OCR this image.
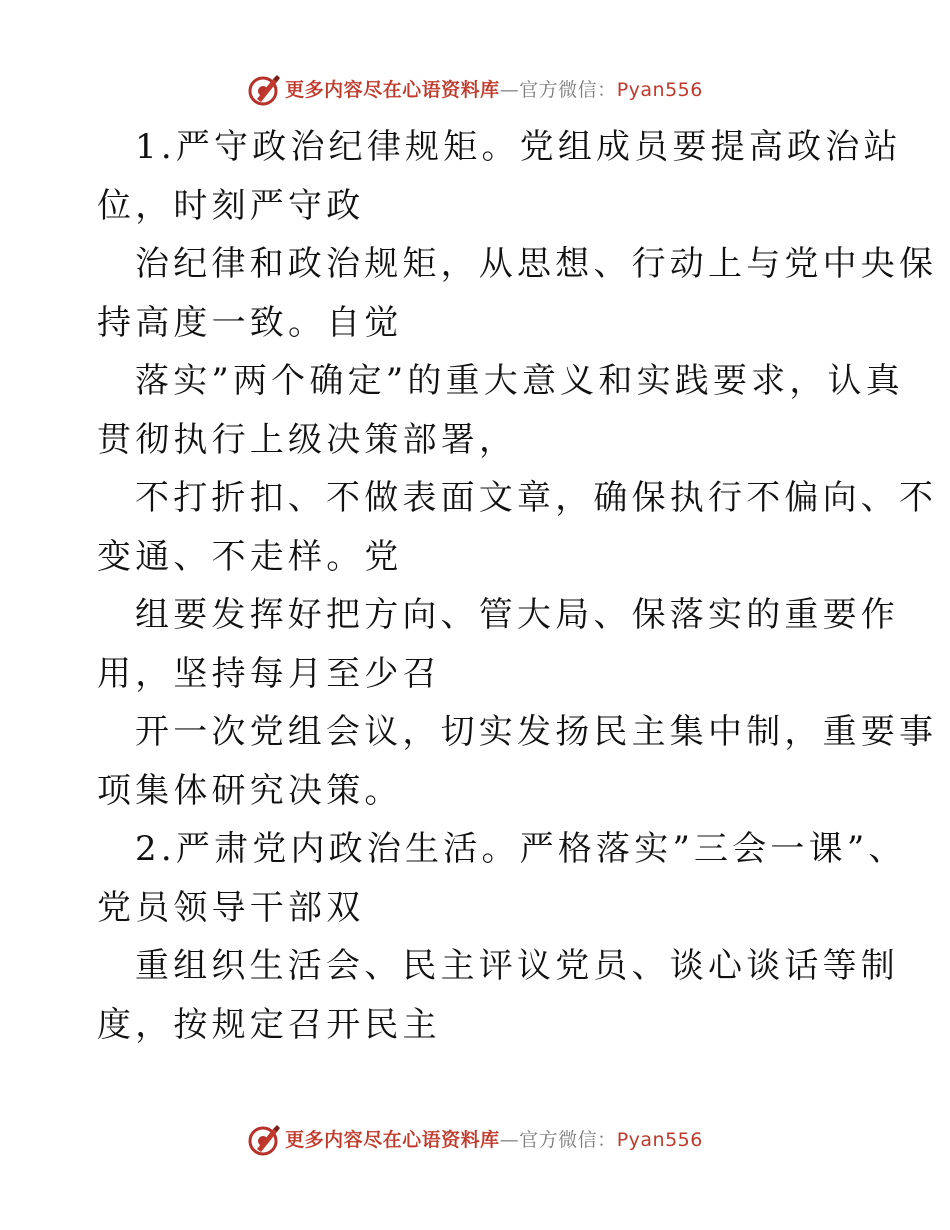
更多内容尽在心语资料库—官方微信：Pyan556

1.严守政治纪律规矩。党组成员要提高政治站

位，时刻严守政

治纪律和政治规矩，从思想、行动上与党中央保

持高度一致。自觉

落实”两个确定”的重大意义和实践要求，认真

贯彻执行上级决策部署，

不打折扣、不做表面文章，确保执行不偏向、不

变通、不走样。党

组要发挥好把方向、管大局、保落实的重要作

用，坚持每月至少召

开一次党组会议，切实发扬民主集中制，重要事

项集体研究决策。

2.严肃党内政治生活。严格落实”三会一课”、

党员领导干部双

重组织生活会、民主评议党员、谈心谈话等制

度，按规定召开民主

更多内容尽在心语资料库—官方微信：Pyan556
